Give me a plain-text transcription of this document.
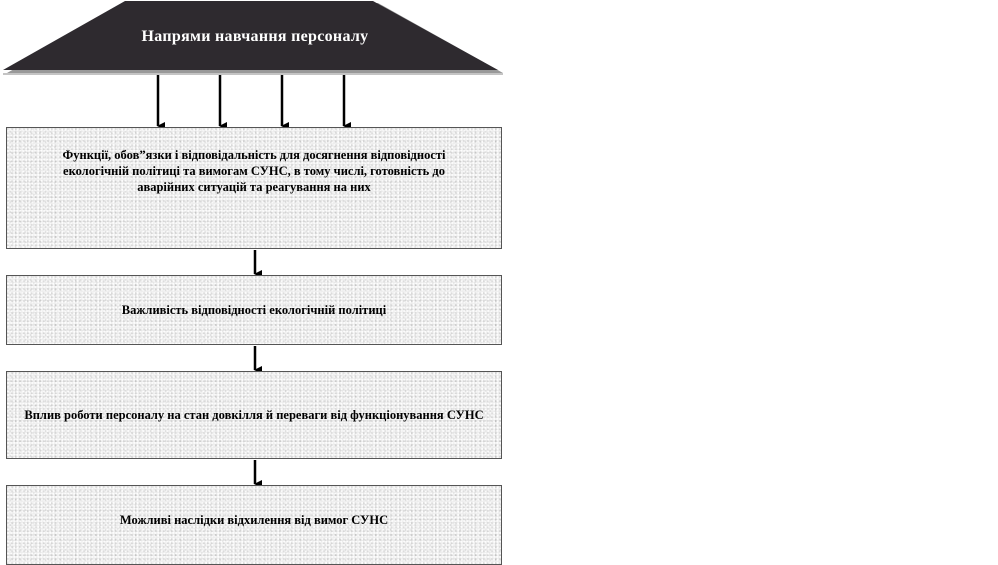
Напрями навчання персоналу
Функції, обов”язки і відповідальність для досягнення відповідності екологічній політиці та вимогам СУНС, в тому числі, готовність до аварійних ситуацій та реагування на них
Важливість відповідності екологічній політиці
Вплив роботи персоналу на стан довкілля й переваги від функціонування СУНС
Можливі наслідки відхилення від вимог СУНС
